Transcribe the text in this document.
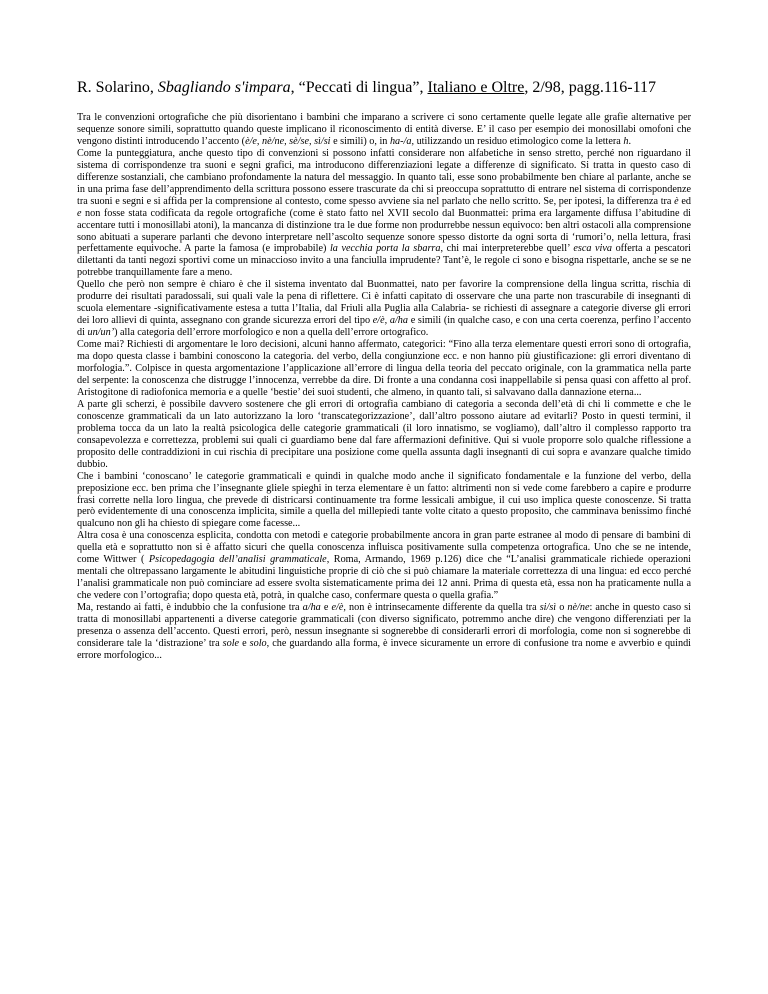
R. Solarino, Sbagliando s'impara, “Peccati di lingua”, Italiano e Oltre, 2/98, pagg.116-117

Tra le convenzioni ortografiche che più disorientano i bambini che imparano a scrivere ci sono certamente quelle legate alle grafie alternative per sequenze sonore simili, soprattutto quando queste implicano il riconoscimento di entità diverse. E’ il caso per esempio dei monosillabi omofoni che vengono distinti introducendo l’accento (è/e, nè/ne, sè/se, sì/si e simili) o, in ha-/a, utilizzando un residuo etimologico come la lettera h.

Come la punteggiatura, anche questo tipo di convenzioni si possono infatti considerare non alfabetiche in senso stretto, perché non riguardano il sistema di corrispondenze tra suoni e segni grafici, ma introducono differenziazioni legate a differenze di significato. Si tratta in questo caso di differenze sostanziali, che cambiano profondamente la natura del messaggio. In quanto tali, esse sono probabilmente ben chiare al parlante, anche se in una prima fase dell’apprendimento della scrittura possono essere trascurate da chi si preoccupa soprattutto di entrare nel sistema di corrispondenze tra suoni e segni e si affida per la comprensione al contesto, come spesso avviene sia nel parlato che nello scritto. Se, per ipotesi, la differenza tra è ed e non fosse stata codificata da regole ortografiche (come è stato fatto nel XVII secolo dal Buonmattei: prima era largamente diffusa l’abitudine di accentare tutti i monosillabi atoni), la mancanza di distinzione tra le due forme non produrrebbe nessun equivoco: ben altri ostacoli alla comprensione sono abituati a superare parlanti che devono interpretare nell’ascolto sequenze sonore spesso distorte da ogni sorta di ‘rumori’o, nella lettura, frasi perfettamente equivoche. A parte la famosa (e improbabile) la vecchia porta la sbarra, chi mai interpreterebbe quell’ esca viva offerta a pescatori dilettanti da tanti negozi sportivi come un minaccioso invito a una fanciulla imprudente? Tant’è, le regole ci sono e bisogna rispettarle, anche se se ne potrebbe tranquillamente fare a meno.

Quello che però non sempre è chiaro è che il sistema inventato dal Buonmattei, nato per favorire la comprensione della lingua scritta, rischia di produrre dei risultati paradossali, sui quali vale la pena di riflettere. Ci è infatti capitato di osservare che una parte non trascurabile di insegnanti di scuola elementare -significativamente estesa a tutta l’Italia, dal Friuli alla Puglia alla Calabria- se richiesti di assegnare a categorie diverse gli errori dei loro allievi di quinta, assegnano con grande sicurezza errori del tipo e/è, a/ha e simili (in qualche caso, e con una certa coerenza, perfino l’accento di un/un’) alla categoria dell’errore morfologico e non a quella dell’errore ortografico.

Come mai? Richiesti di argomentare le loro decisioni, alcuni hanno affermato, categorici: “Fino alla terza elementare questi errori sono di ortografia, ma dopo questa classe i bambini conoscono la categoria. del verbo, della congiunzione ecc. e non hanno più giustificazione: gli errori diventano di morfologia.”. Colpisce in questa argomentazione l’applicazione all’errore di lingua della teoria del peccato originale, con la grammatica nella parte del serpente: la conoscenza che distrugge l’innocenza, verrebbe da dire. Di fronte a una condanna così inappellabile si pensa quasi con affetto al prof. Aristogitone di radiofonica memoria e a quelle ‘bestie’ dei suoi studenti, che almeno, in quanto tali, si salvavano dalla dannazione eterna...

A parte gli scherzi, è possibile davvero sostenere che gli errori di ortografia cambiano di categoria a seconda dell’età di chi li commette e che le conoscenze grammaticali da un lato autorizzano la loro ‘transcategorizzazione’, dall’altro possono aiutare ad evitarli? Posto in questi termini, il problema tocca da un lato la realtà psicologica delle categorie grammaticali (il loro innatismo, se vogliamo), dall’altro il complesso rapporto tra consapevolezza e correttezza, problemi sui quali ci guardiamo bene dal fare affermazioni definitive. Qui si vuole proporre solo qualche riflessione a proposito delle contraddizioni in cui rischia di precipitare una posizione come quella assunta dagli insegnanti di cui sopra e avanzare qualche timido dubbio.

Che i bambini ‘conoscano’ le categorie grammaticali e quindi in qualche modo anche il significato fondamentale e la funzione del verbo, della preposizione ecc. ben prima che l’insegnante gliele spieghi in terza elementare è un fatto: altrimenti non si vede come farebbero a capire e produrre frasi corrette nella loro lingua, che prevede di districarsi continuamente tra forme lessicali ambigue, il cui uso implica queste conoscenze. Si tratta però evidentemente di una conoscenza implicita, simile a quella del millepiedi tante volte citato a questo proposito, che camminava benissimo finché qualcuno non gli ha chiesto di spiegare come facesse...

Altra cosa è una conoscenza esplicita, condotta con metodi e categorie probabilmente ancora in gran parte estranee al modo di pensare di bambini di quella età e soprattutto non si è affatto sicuri che quella conoscenza influisca positivamente sulla competenza ortografica. Uno che se ne intende, come Wittwer ( Psicopedagogia dell’analisi grammaticale, Roma, Armando, 1969 p.126) dice che “L’analisi grammaticale richiede operazioni mentali che oltrepassano largamente le abitudini linguistiche proprie di ciò che si può chiamare la materiale correttezza di una lingua: ed ecco perché l’analisi grammaticale non può cominciare ad essere svolta sistematicamente prima dei 12 anni. Prima di questa età, essa non ha praticamente nulla a che vedere con l’ortografia; dopo questa età, potrà, in qualche caso, confermare questa o quella grafia.”

Ma, restando ai fatti, è indubbio che la confusione tra a/ha e e/è, non è intrinsecamente differente da quella tra si/sì o nè/ne: anche in questo caso si tratta di monosillabi appartenenti a diverse categorie grammaticali (con diverso significato, potremmo anche dire) che vengono differenziati per la presenza o assenza dell’accento. Questi errori, però, nessun insegnante si sognerebbe di considerarli errori di morfologia, come non si sognerebbe di considerare tale la ‘distrazione’ tra sole e solo, che guardando alla forma, è invece sicuramente un errore di confusione tra nome e avverbio e quindi errore morfologico...
